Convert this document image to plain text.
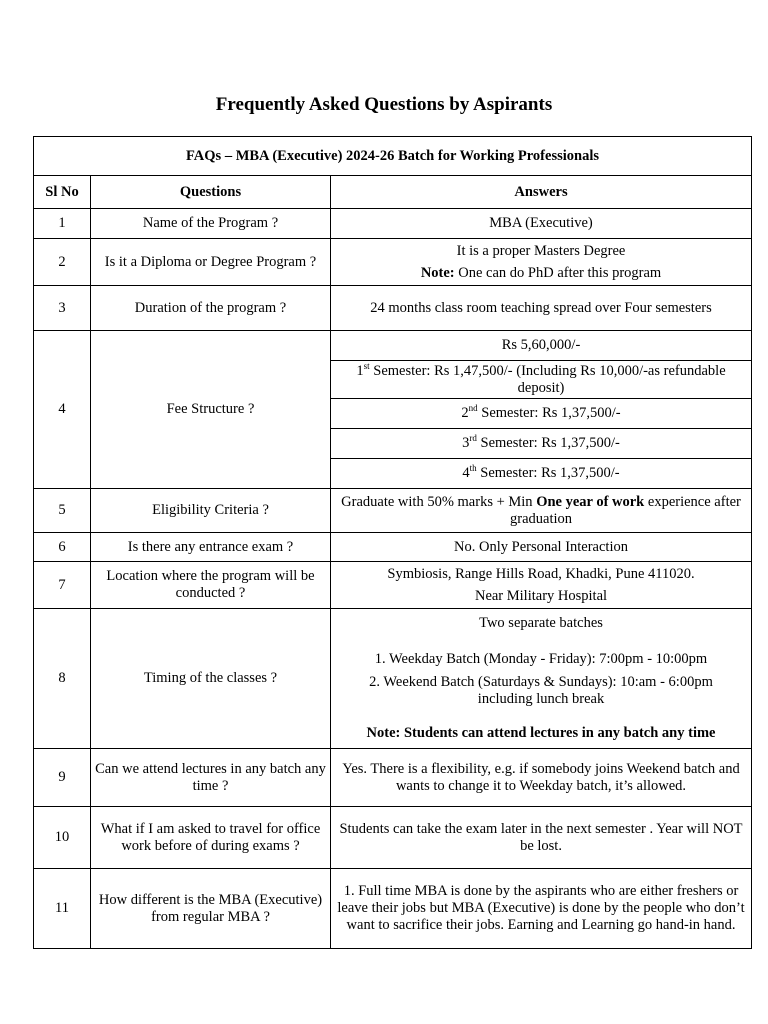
Frequently Asked Questions by Aspirants
FAQs – MBA (Executive) 2024-26 Batch for Working Professionals		
Sl No	Questions	Answers
1	Name of the Program ?	MBA (Executive)
2	Is it a Diploma or Degree Program ?	It is a proper Masters Degree
Note: One can do PhD after this program

3	Duration of the program ?	24 months class room teaching spread over Four semesters
4	Fee Structure ?	Rs 5,60,000/-
		1st Semester: Rs 1,47,500/- (Including Rs 10,000/-as refundable deposit)
		2nd Semester: Rs 1,37,500/-
		3rd Semester: Rs 1,37,500/-
		4th Semester: Rs 1,37,500/-
5	Eligibility Criteria ?	Graduate with 50% marks + Min One year of work experience after graduation
6	Is there any entrance exam ?	No. Only Personal Interaction
7	Location where the program will be conducted ?	Symbiosis, Range Hills Road, Khadki, Pune 411020.
Near Military Hospital

8	Timing of the classes ?	Two separate batches
1. Weekday Batch (Monday - Friday): 7:00pm - 10:00pm
2. Weekend Batch (Saturdays & Sundays): 10:am - 6:00pm including lunch break
Note: Students can attend lectures in any batch any time

9	Can we attend lectures in any batch any time ?	Yes. There is a flexibility, e.g. if somebody joins Weekend batch and wants to change it to Weekday batch, it’s allowed.
10	What if I am asked to travel for office work before of during exams ?	Students can take the exam later in the next semester . Year will NOT be lost.
11	How different is the MBA (Executive) from regular MBA ?	1. Full time MBA is done by the aspirants who are either freshers or leave their jobs but MBA (Executive) is done by the people who don’t want to sacrifice their jobs. Earning and Learning go hand-in hand.
